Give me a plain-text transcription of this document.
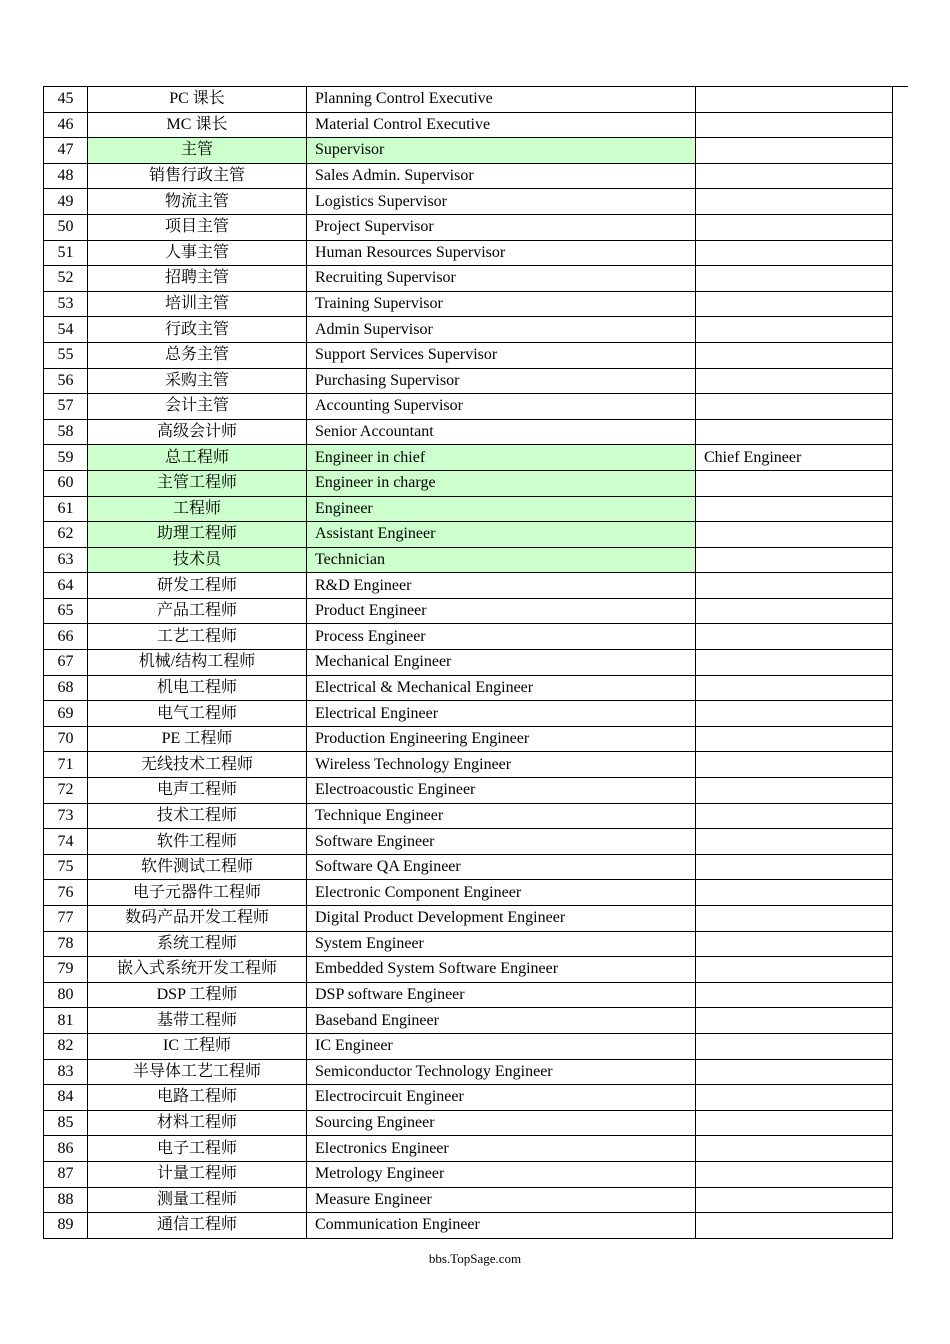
45	PC 课长	Planning Control Executive	
46	MC 课长	Material Control Executive	
47	主管	Supervisor	
48	销售行政主管	Sales Admin. Supervisor	
49	物流主管	Logistics Supervisor	
50	项目主管	Project Supervisor	
51	人事主管	Human Resources Supervisor	
52	招聘主管	Recruiting Supervisor	
53	培训主管	Training Supervisor	
54	行政主管	Admin Supervisor	
55	总务主管	Support Services Supervisor	
56	采购主管	Purchasing Supervisor	
57	会计主管	Accounting Supervisor	
58	高级会计师	Senior Accountant	
59	总工程师	Engineer in chief	Chief Engineer
60	主管工程师	Engineer in charge	
61	工程师	Engineer	
62	助理工程师	Assistant Engineer	
63	技术员	Technician	
64	研发工程师	R&D Engineer	
65	产品工程师	Product Engineer	
66	工艺工程师	Process Engineer	
67	机械/结构工程师	Mechanical Engineer	
68	机电工程师	Electrical & Mechanical Engineer	
69	电气工程师	Electrical Engineer	
70	PE 工程师	Production Engineering Engineer	
71	无线技术工程师	Wireless Technology Engineer	
72	电声工程师	Electroacoustic Engineer	
73	技术工程师	Technique Engineer	
74	软件工程师	Software Engineer	
75	软件测试工程师	Software QA Engineer	
76	电子元器件工程师	Electronic Component Engineer	
77	数码产品开发工程师	Digital Product Development Engineer	
78	系统工程师	System Engineer	
79	嵌入式系统开发工程师	Embedded System Software Engineer	
80	DSP 工程师	DSP software Engineer	
81	基带工程师	Baseband Engineer	
82	IC 工程师	IC Engineer	
83	半导体工艺工程师	Semiconductor Technology Engineer	
84	电路工程师	Electrocircuit Engineer	
85	材料工程师	Sourcing Engineer	
86	电子工程师	Electronics Engineer	
87	计量工程师	Metrology Engineer	
88	测量工程师	Measure Engineer	
89	通信工程师	Communication Engineer	
bbs.TopSage.com
